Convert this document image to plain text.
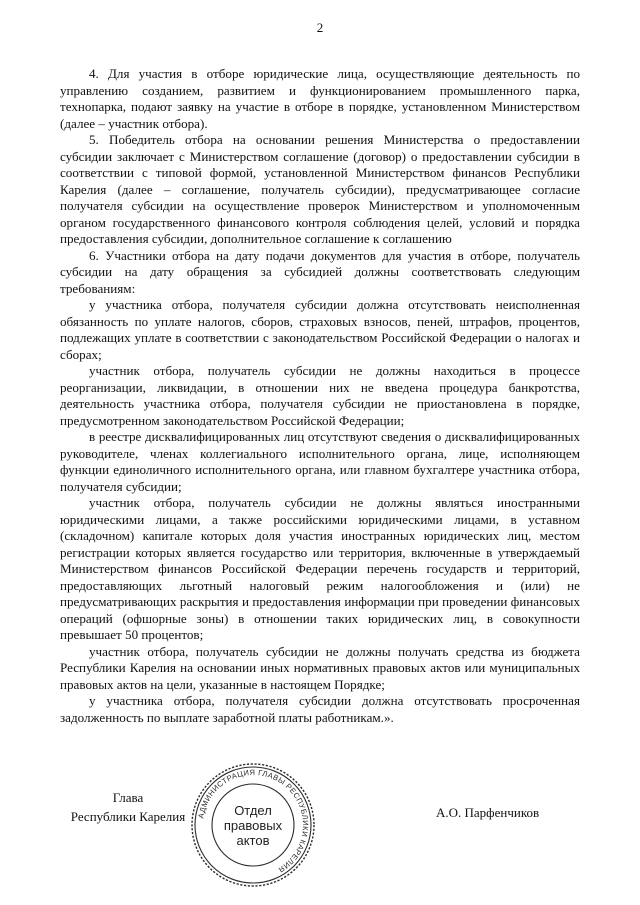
2

4. Для участия в отборе юридические лица, осуществляющие деятельность по управлению созданием, развитием и функционированием промышленного парка, технопарка, подают заявку на участие в отборе в порядке, установленном Министерством (далее – участник отбора).

5. Победитель отбора на основании решения Министерства о предоставлении субсидии заключает с Министерством соглашение (договор) о предоставлении субсидии в соответствии с типовой формой, установленной Министерством финансов Республики Карелия (далее – соглашение, получатель субсидии), предусматривающее согласие получателя субсидии на осуществление проверок Министерством и уполномоченным органом государственного финансового контроля соблюдения целей, условий и порядка предоставления субсидии, дополнительное соглашение к соглашению

6. Участники отбора на дату подачи документов для участия в отборе, получатель субсидии на дату обращения за субсидией должны соответствовать следующим требованиям:

у участника отбора, получателя субсидии должна отсутствовать неисполненная обязанность по уплате налогов, сборов, страховых взносов, пеней, штрафов, процентов, подлежащих уплате в соответствии с законодательством Российской Федерации о налогах и сборах;

участник отбора, получатель субсидии не должны находиться в процессе реорганизации, ликвидации, в отношении них не введена процедура банкротства, деятельность участника отбора, получателя субсидии не приостановлена в порядке, предусмотренном законодательством Российской Федерации;

в реестре дисквалифицированных лиц отсутствуют сведения о дисквалифицированных руководителе, членах коллегиального исполнительного органа, лице, исполняющем функции единоличного исполнительного органа, или главном бухгалтере участника отбора, получателя субсидии;

участник отбора, получатель субсидии не должны являться иностранными юридическими лицами, а также российскими юридическими лицами, в уставном (складочном) капитале которых доля участия иностранных юридических лиц, местом регистрации которых является государство или территория, включенные в утверждаемый Министерством финансов Российской Федерации перечень государств и территорий, предоставляющих льготный налоговый режим налогообложения и (или) не предусматривающих раскрытия и предоставления информации при проведении финансовых операций (офшорные зоны) в отношении таких юридических лиц, в совокупности превышает 50 процентов;

участник отбора, получатель субсидии не должны получать средства из бюджета Республики Карелия на основании иных нормативных правовых актов или муниципальных правовых актов на цели, указанные в настоящем Порядке;

у участника отбора, получателя субсидии должна отсутствовать просроченная задолженность по выплате заработной платы работникам.».

Глава
Республики Карелия	АДМИНИСТРАЦИЯ ГЛАВЫ РЕСПУБЛИКИ КАРЕЛИЯ
Отдел
правовых
актов
А.О. Парфенчиков
